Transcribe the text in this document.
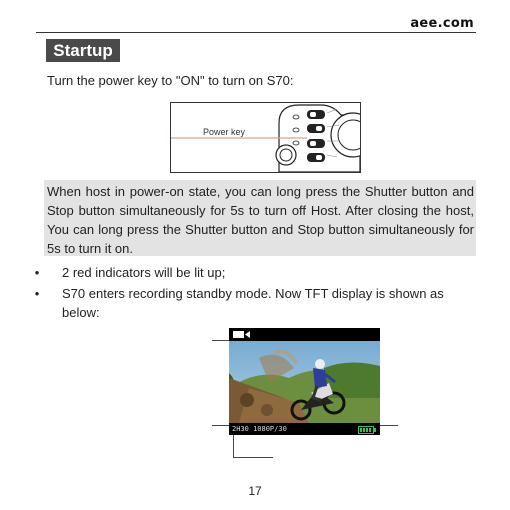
aee.com
Startup
Turn the power key to "ON" to turn on S70:
Power key
When host in power-on state, you can long press the Shutter button and Stop button simultaneously for 5s to turn off Host. After closing the host, You can long press the Shutter button and Stop button simultaneously for 5s to turn it on.
•	2 red indicators will be lit up;
•	S70 enters recording standby mode. Now TFT display is shown as below:
2H30 1080P/30
17
